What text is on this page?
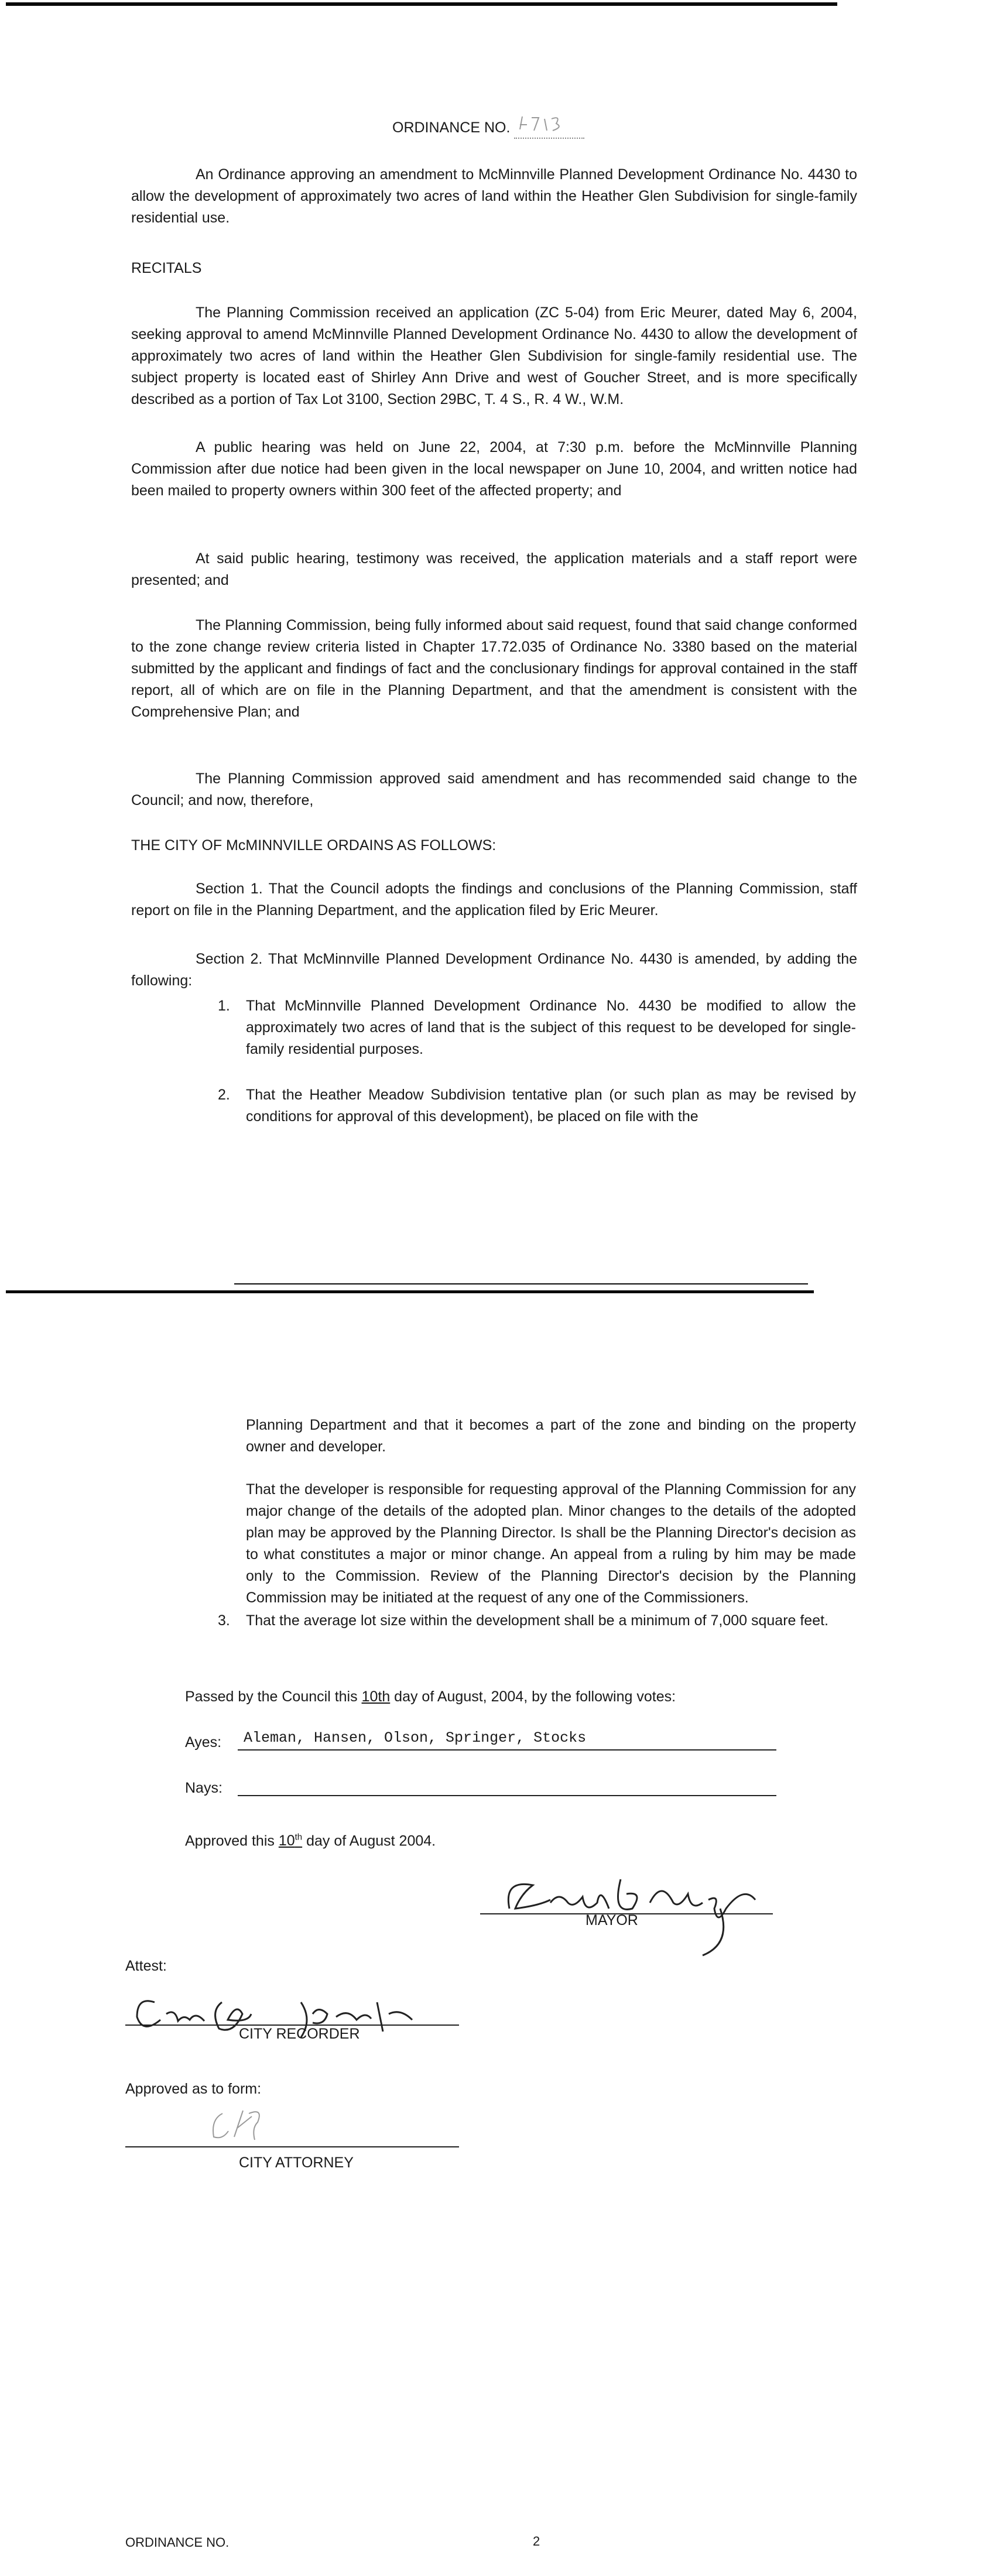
ORDINANCE NO.

An Ordinance approving an amendment to McMinnville Planned Development Ordinance No. 4430 to allow the development of approximately two acres of land within the Heather Glen Subdivision for single-family residential use.

RECITALS

The Planning Commission received an application (ZC 5-04) from Eric Meurer, dated May 6, 2004, seeking approval to amend McMinnville Planned Development Ordinance No. 4430 to allow the development of approximately two acres of land within the Heather Glen Subdivision for single-family residential use. The subject property is located east of Shirley Ann Drive and west of Goucher Street, and is more specifically described as a portion of Tax Lot 3100, Section 29BC, T. 4 S., R. 4 W., W.M.

A public hearing was held on June 22, 2004, at 7:30 p.m. before the McMinnville Planning Commission after due notice had been given in the local newspaper on June 10, 2004, and written notice had been mailed to property owners within 300 feet of the affected property; and

At said public hearing, testimony was received, the application materials and a staff report were presented; and

The Planning Commission, being fully informed about said request, found that said change conformed to the zone change review criteria listed in Chapter 17.72.035 of Ordinance No. 3380 based on the material submitted by the applicant and findings of fact and the conclusionary findings for approval contained in the staff report, all of which are on file in the Planning Department, and that the amendment is consistent with the Comprehensive Plan; and

The Planning Commission approved said amendment and has recommended said change to the Council; and now, therefore,

THE CITY OF McMINNVILLE ORDAINS AS FOLLOWS:

Section 1. That the Council adopts the findings and conclusions of the Planning Commission, staff report on file in the Planning Department, and the application filed by Eric Meurer.

Section 2. That McMinnville Planned Development Ordinance No. 4430 is amended, by adding the following:

1. That McMinnville Planned Development Ordinance No. 4430 be modified to allow the approximately two acres of land that is the subject of this request to be developed for single-family residential purposes.

2. That the Heather Meadow Subdivision tentative plan (or such plan as may be revised by conditions for approval of this development), be placed on file with the

Planning Department and that it becomes a part of the zone and binding on the property owner and developer.

That the developer is responsible for requesting approval of the Planning Commission for any major change of the details of the adopted plan. Minor changes to the details of the adopted plan may be approved by the Planning Director. Is shall be the Planning Director's decision as to what constitutes a major or minor change. An appeal from a ruling by him may be made only to the Commission. Review of the Planning Director's decision by the Planning Commission may be initiated at the request of any one of the Commissioners.

3. That the average lot size within the development shall be a minimum of 7,000 square feet.

Passed by the Council this 10th day of August, 2004, by the following votes:

Ayes: Aleman, Hansen, Olson, Springer, Stocks
Nays:

Approved this 10th day of August 2004.

MAYOR
Attest:
CITY RECORDER
Approved as to form:
CITY ATTORNEY
ORDINANCE NO.	2
